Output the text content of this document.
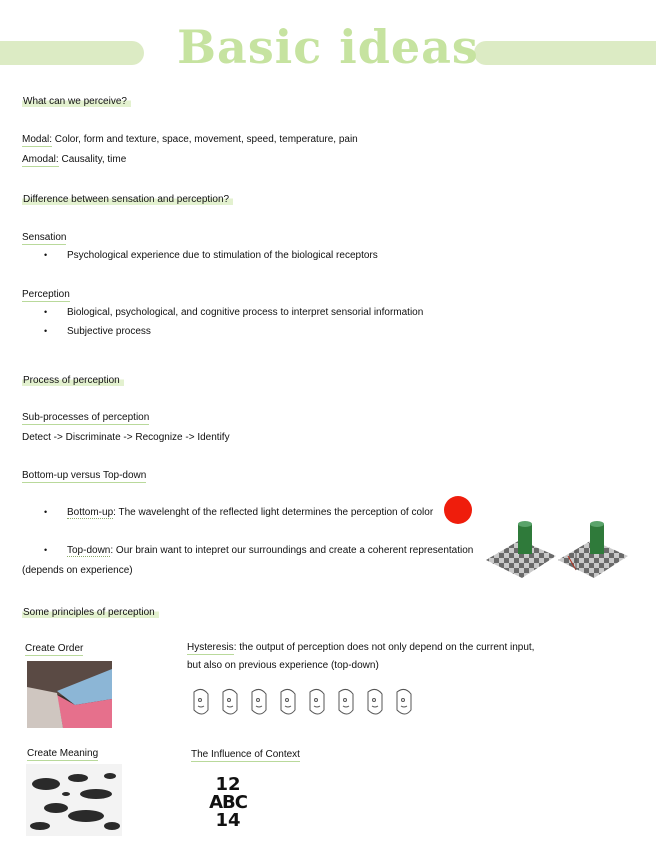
Basic ideas
What can we perceive?
Modal: Color, form and texture, space, movement, speed, temperature, pain
Amodal: Causality, time
Difference between sensation and perception?
Sensation
• Psychological experience due to stimulation of the biological receptors
Perception
• Biological, psychological, and cognitive process to interpret sensorial information
• Subjective process
Process of perception
Sub-processes of perception
Detect -> Discriminate -> Recognize -> Identify
Bottom-up versus Top-down
• Bottom-up: The wavelenght of the reflected light determines the perception of color
• Top-down: Our brain want to intepret our surroundings and create a coherent representation
(depends on experience)
Some principles of perception
Create Order	Hysteresis: the output of perception does not only depend on the current input,
but also on previous experience (top-down)
Create Meaning	The Influence of Context
12
ABC
14
